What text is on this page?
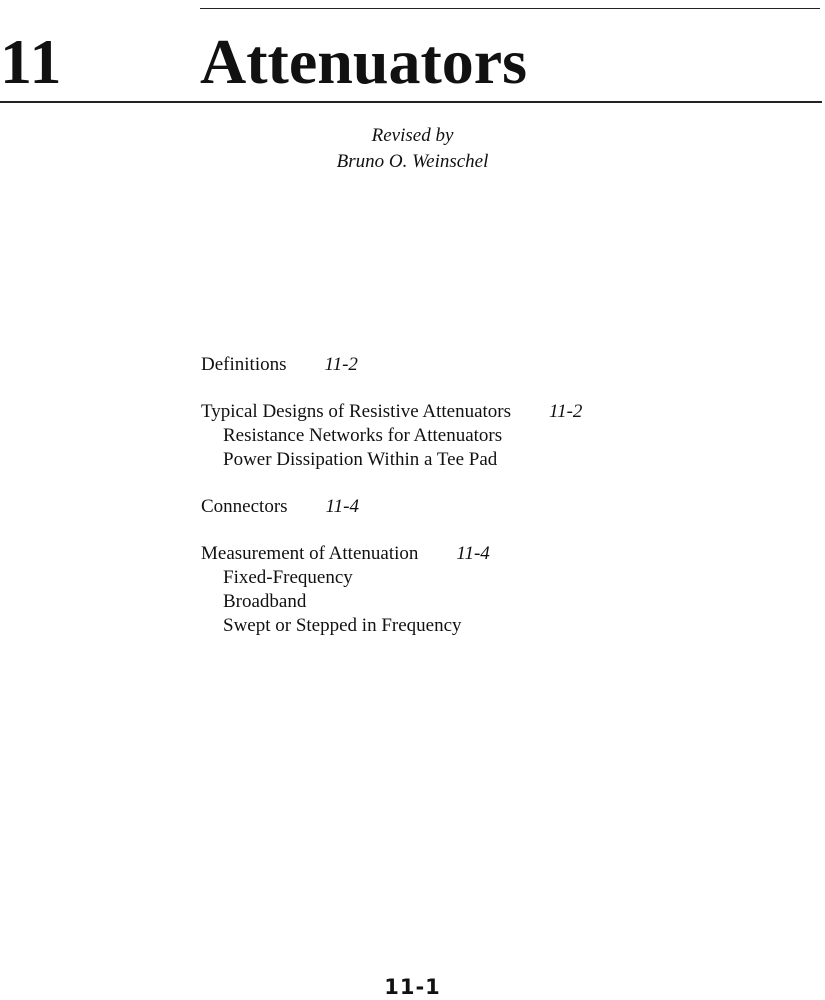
11 Attenuators
Revised by
Bruno O. Weinschel
Definitions 11-2
Typical Designs of Resistive Attenuators 11-2
Resistance Networks for Attenuators
Power Dissipation Within a Tee Pad
Connectors 11-4
Measurement of Attenuation 11-4
Fixed-Frequency
Broadband
Swept or Stepped in Frequency
11-1
